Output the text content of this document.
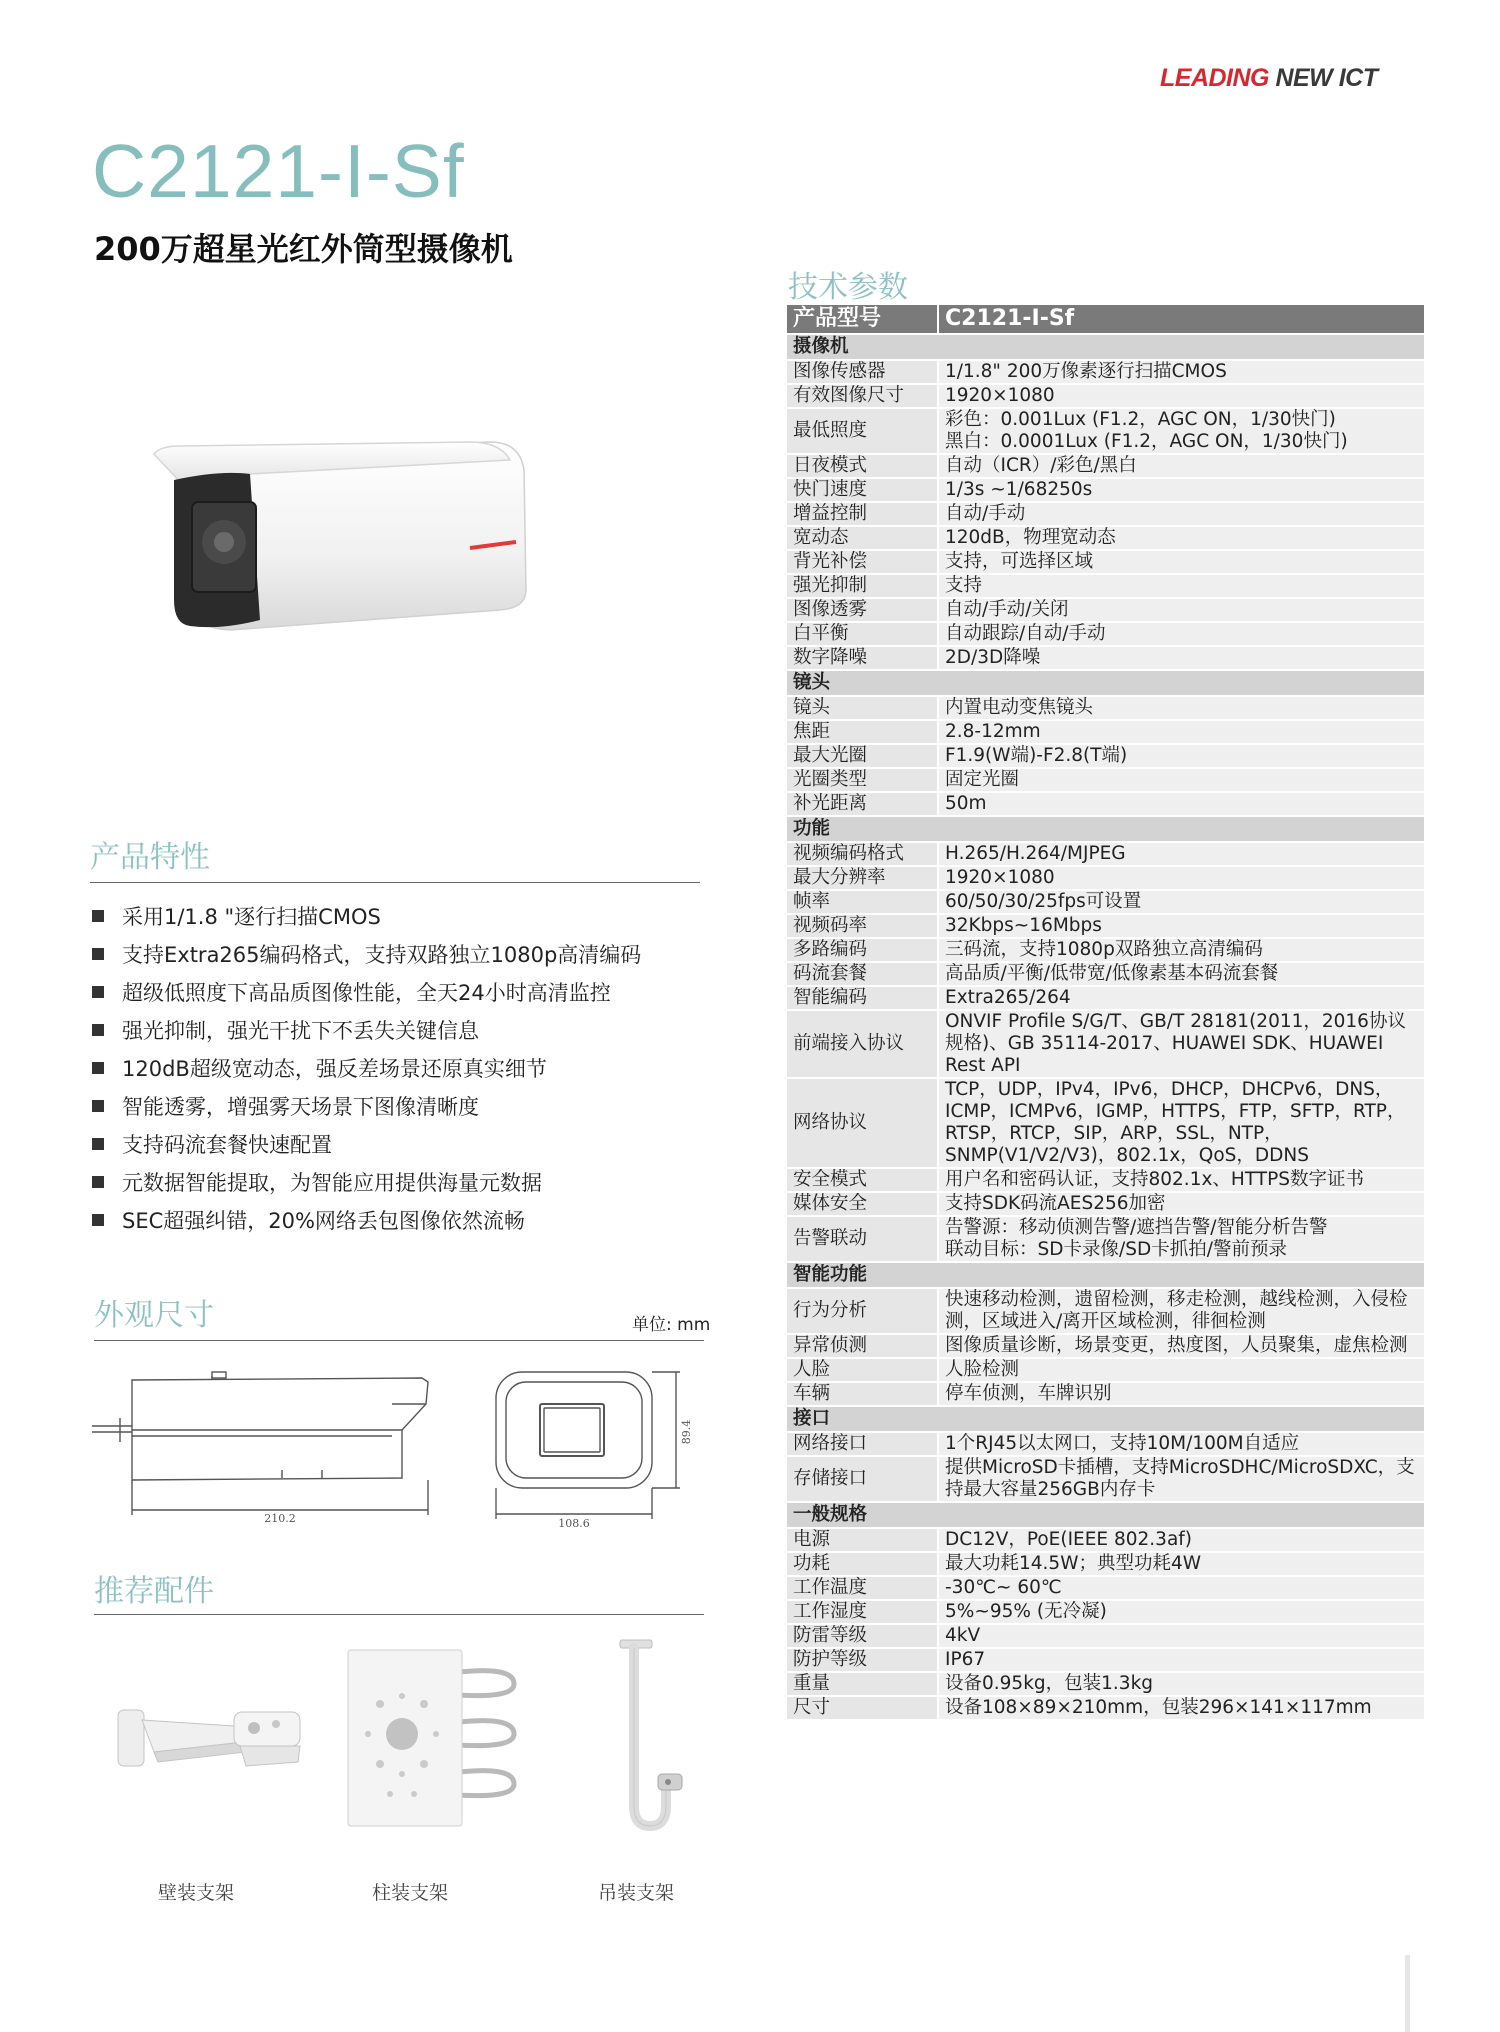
LEADING NEW ICT
C2121-I-Sf
200万超星光红外筒型摄像机
产品特性
采用1/1.8 "逐行扫描CMOS
支持Extra265编码格式，支持双路独立1080p高清编码
超级低照度下高品质图像性能，全天24小时高清监控
强光抑制，强光干扰下不丢失关键信息
120dB超级宽动态，强反差场景还原真实细节
智能透雾，增强雾天场景下图像清晰度
支持码流套餐快速配置
元数据智能提取，为智能应用提供海量元数据
SEC超强纠错，20%网络丢包图像依然流畅
外观尺寸	单位: mm
210.2	108.6
89.4
推荐配件
壁装支架	柱装支架	吊装支架
技术参数
产品型号	C2121-I-Sf
摄像机	
图像传感器	1/1.8" 200万像素逐行扫描CMOS
有效图像尺寸	1920×1080
最低照度	彩色：0.001Lux (F1.2，AGC ON，1/30快门)
黑白：0.0001Lux (F1.2，AGC ON，1/30快门)
日夜模式	自动（ICR）/彩色/黑白
快门速度	1/3s ~1/68250s
增益控制	自动/手动
宽动态	120dB，物理宽动态
背光补偿	支持，可选择区域
强光抑制	支持
图像透雾	自动/手动/关闭
白平衡	自动跟踪/自动/手动
数字降噪	2D/3D降噪
镜头	
镜头	内置电动变焦镜头
焦距	2.8-12mm
最大光圈	F1.9(W端)-F2.8(T端)
光圈类型	固定光圈
补光距离	50m
功能	
视频编码格式	H.265/H.264/MJPEG
最大分辨率	1920×1080
帧率	60/50/30/25fps可设置
视频码率	32Kbps~16Mbps
多路编码	三码流，支持1080p双路独立高清编码
码流套餐	高品质/平衡/低带宽/低像素基本码流套餐
智能编码	Extra265/264
前端接入协议	ONVIF Profile S/G/T、GB/T 28181(2011，2016协议规格)、GB 35114-2017、HUAWEI SDK、HUAWEI Rest API
网络协议	TCP，UDP，IPv4，IPv6，DHCP，DHCPv6，DNS，ICMP，ICMPv6，IGMP，HTTPS，FTP，SFTP，RTP，RTSP，RTCP，SIP，ARP，SSL，NTP，SNMP(V1/V2/V3)，802.1x，QoS，DDNS
安全模式	用户名和密码认证，支持802.1x、HTTPS数字证书
媒体安全	支持SDK码流AES256加密
告警联动	告警源：移动侦测告警/遮挡告警/智能分析告警
联动目标：SD卡录像/SD卡抓拍/警前预录
智能功能	
行为分析	快速移动检测，遗留检测，移走检测，越线检测，入侵检测，区域进入/离开区域检测，徘徊检测
异常侦测	图像质量诊断，场景变更，热度图，人员聚集，虚焦检测
人脸	人脸检测
车辆	停车侦测，车牌识别
接口	
网络接口	1个RJ45以太网口，支持10M/100M自适应
存储接口	提供MicroSD卡插槽，支持MicroSDHC/MicroSDXC，支持最大容量256GB内存卡
一般规格	
电源	DC12V，PoE(IEEE 802.3af)
功耗	最大功耗14.5W；典型功耗4W
工作温度	-30℃~ 60℃
工作湿度	5%~95% (无冷凝)
防雷等级	4kV
防护等级	IP67
重量	设备0.95kg，包装1.3kg
尺寸	设备108×89×210mm，包装296×141×117mm
